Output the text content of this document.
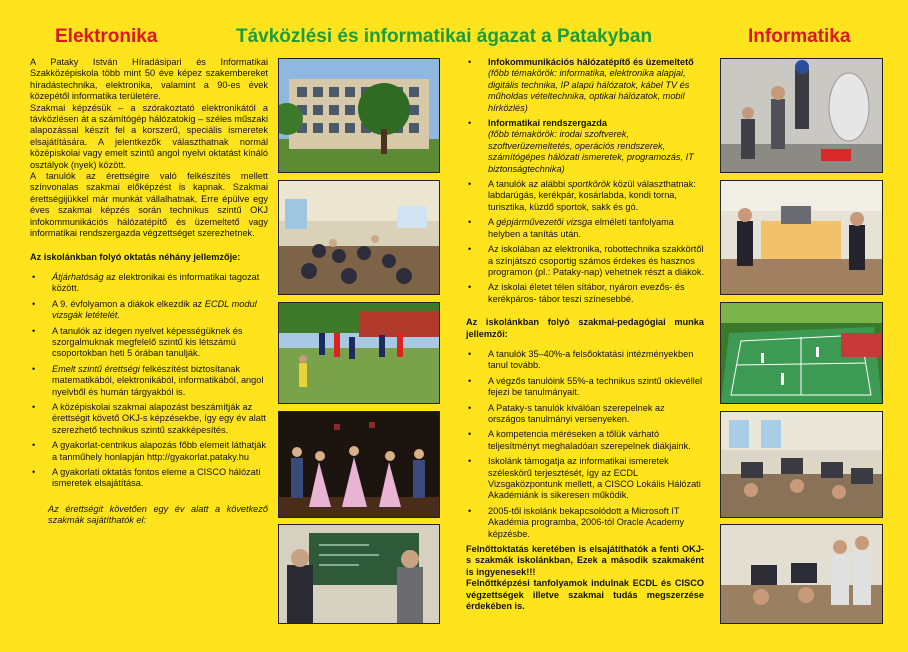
Elektronika	Távközlési és informatikai ágazat a Patakyban	Informatika

A Pataky István Híradásipari és Informatikai Szakközépiskola több mint 50 éve képez szakembereket híradástechnika, elektronika, valamint a 90-es évek közepétől informatika területére.

Szakmai képzésük – a szórakoztató elektronikától a távközlésen át a számítógép hálózatokig – széles műszaki alapozással készít fel a korszerű, speciális ismeretek elsajátítására. A jelentkezők választhatnak normál középiskolai vagy emelt szintű angol nyelvi oktatást kínáló osztályok (nyek) között.

A tanulók az érettségire való felkészítés mellett színvonalas szakmai előképzést is kapnak. Szakmai érettségijükkel már munkát vállalhatnak. Erre épülve egy éves szakmai képzés során technikus szintű OKJ infokommunikációs hálózatépítő és üzemeltető vagy informatikai rendszergazda végzettséget szerezhetnek.

Az iskolánkban folyó oktatás néhány jellemzője:

• Átjárhatóság az elektronikai és informatikai tagozat között.
• A 9. évfolyamon a diákok elkezdik az ECDL modul vizsgák letételét.
• A tanulók az idegen nyelvet képességüknek és szorgalmuknak megfelelő szintű kis létszámú csoportokban heti 5 órában tanulják.
• Emelt szintű érettségi felkészítést biztosítanak matematikából, elektronikából, informatikából, angol nyelvből és humán tárgyakból is.
• A középiskolai szakmai alapozást beszámítják az érettségit követő OKJ-s képzésekbe, így egy év alatt szerezhető technikus szintű szakképesítés.
• A gyakorlat-centrikus alapozás főbb elemeit láthatják a tanműhely honlapján http://gyakorlat.pataky.hu
• A gyakorlati oktatás fontos eleme a CISCO hálózati ismeretek elsajátítása.

Az érettségit követően egy év alatt a következő szakmák sajátíthatók el:

• Infokommunikációs hálózatépítő és üzemeltető
(főbb témakörök: informatika, elektronika alapjai, digitális technika, IP alapú hálózatok, kábel TV és műholdas vételtechnika, optikai hálózatok, mobil hírközlés)
• Informatikai rendszergazda
(főbb témakörök: irodai szoftverek, szoftverüzemeltetés, operációs rendszerek, számítógépes hálózati ismeretek, programozás, IT biztonságtechnika)
• A tanulók az alábbi sportkörök közül választhatnak: labdarúgás, kerékpár, kosárlabda, kondi torna, turisztika, küzdő sportok, sakk és gó.
• A gépjárművezetői vizsga elméleti tanfolyama helyben a tanítás után.
• Az iskolában az elektronika, robottechnika szakkörtől a színjátszó csoportig számos érdekes és hasznos programon (pl.: Pataky-nap) vehetnek részt a diákok.
• Az iskolai életet télen sítábor, nyáron evezős- és kerékpáros- tábor teszi színesebbé.

Az iskolánkban folyó szakmai-pedagógiai munka jellemzői:

• A tanulók 35–40%-a felsőoktatási intézményekben tanul tovább.
• A végzős tanulóink 55%-a technikus szintű oklevéllel fejezi be tanulmányait.
• A Pataky-s tanulók kiválóan szerepelnek az országos tanulmányi versenyeken.
• A kompetencia méréseken a tőlük várható teljesítményt meghaladóan szerepelnek diákjaink.
• Iskolánk támogatja az informatikai ismeretek széleskörű terjesztését, így az ECDL Vizsgaközpontunk mellett, a CISCO Lokális Hálózati Akadémiánk is sikeresen működik.
• 2005-től iskolánk bekapcsolódott a Microsoft IT Akadémia programba, 2006-tól Oracle Academy képzésbe.

Felnőttoktatás keretében is elsajátíthatók a fenti OKJ-s szakmák iskolánkban, Ezek a második szakmaként is ingyenesek!!!

Felnőttképzési tanfolyamok indulnak ECDL és CISCO végzettségek illetve szakmai tudás megszerzése érdekében is.
